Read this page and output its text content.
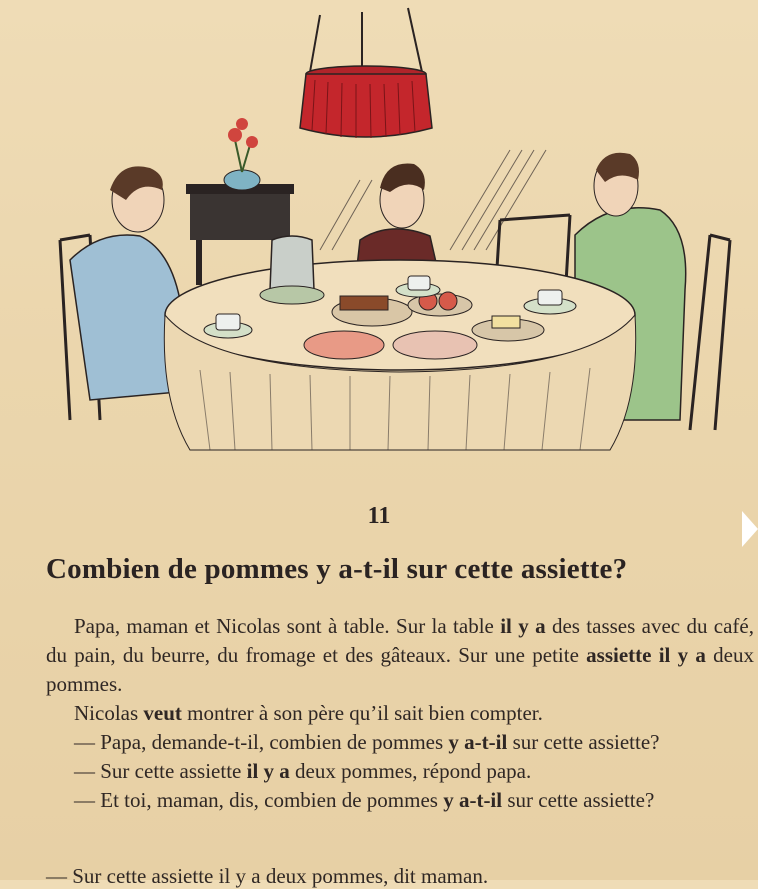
11
Combien de pommes y a-t-il sur cette assiette?

Papa, maman et Nicolas sont à table. Sur la table il y a des tasses avec du café, du pain, du beurre, du fromage et des gâteaux. Sur une petite assiette il y a deux pommes.

Nicolas veut montrer à son père qu’il sait bien compter.

— Papa, demande-t-il, combien de pommes y a-t-il sur cette assiette?

— Sur cette assiette il y a deux pommes, répond papa.

— Et toi, maman, dis, combien de pommes y a-t-il sur cette assiette?

— Sur cette assiette il y a deux pommes, dit maman.
